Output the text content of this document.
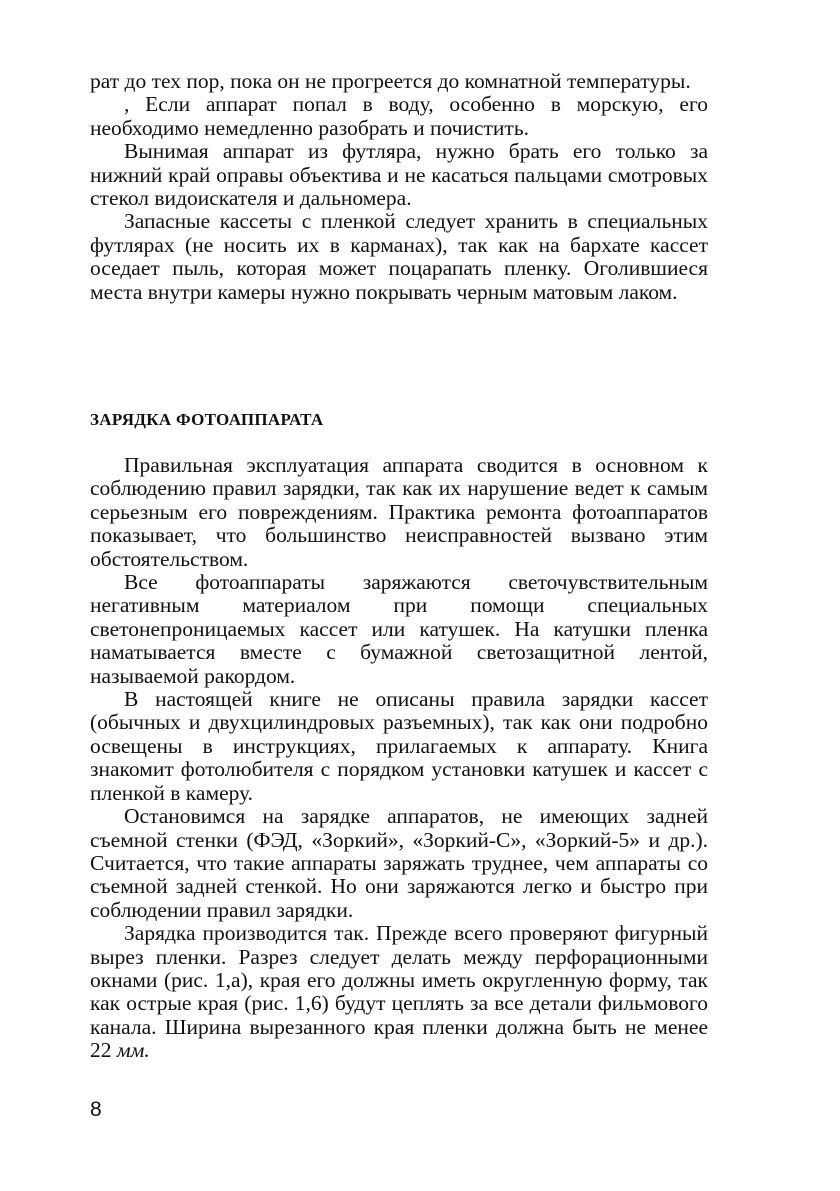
рат до тех пор, пока он не прогреется до комнатной температуры.

, Если аппарат попал в воду, особенно в морскую, его необходимо немедленно разобрать и почистить.

Вынимая аппарат из футляра, нужно брать его только за нижний край оправы объектива и не касаться пальцами смотровых стекол видоискателя и дальномера.

Запасные кассеты с пленкой следует хранить в специальных футлярах (не носить их в карманах), так как на бархате кассет оседает пыль, которая может поцарапать пленку. Оголившиеся места внутри камеры нужно покрывать черным матовым лаком.

ЗАРЯДКА ФОТОАППАРАТА

Правильная эксплуатация аппарата сводится в основном к соблюдению правил зарядки, так как их нарушение ведет к самым серьезным его повреждениям. Практика ремонта фотоаппаратов показывает, что большинство неисправностей вызвано этим обстоятельством.

Все фотоаппараты заряжаются светочувствительным негативным материалом при помощи специальных светонепроницаемых кассет или катушек. На катушки пленка наматывается вместе с бумажной светозащитной лентой, называемой ракордом.

В настоящей книге не описаны правила зарядки кассет (обычных и двухцилиндровых разъемных), так как они подробно освещены в инструкциях, прилагаемых к аппарату. Книга знакомит фотолюбителя с порядком установки катушек и кассет с пленкой в камеру.

Остановимся на зарядке аппаратов, не имеющих задней съемной стенки (ФЭД, «Зоркий», «Зоркий-С», «Зоркий-5» и др.). Считается, что такие аппараты заряжать труднее, чем аппараты со съемной задней стенкой. Но они заряжаются легко и быстро при соблюдении правил зарядки.

Зарядка производится так. Прежде всего проверяют фигурный вырез пленки. Разрез следует делать между перфорационными окнами (рис. 1,а), края его должны иметь округленную форму, так как острые края (рис. 1,6) будут цеплять за все детали фильмового канала. Ширина вырезанного края пленки должна быть не менее 22 мм.

8
